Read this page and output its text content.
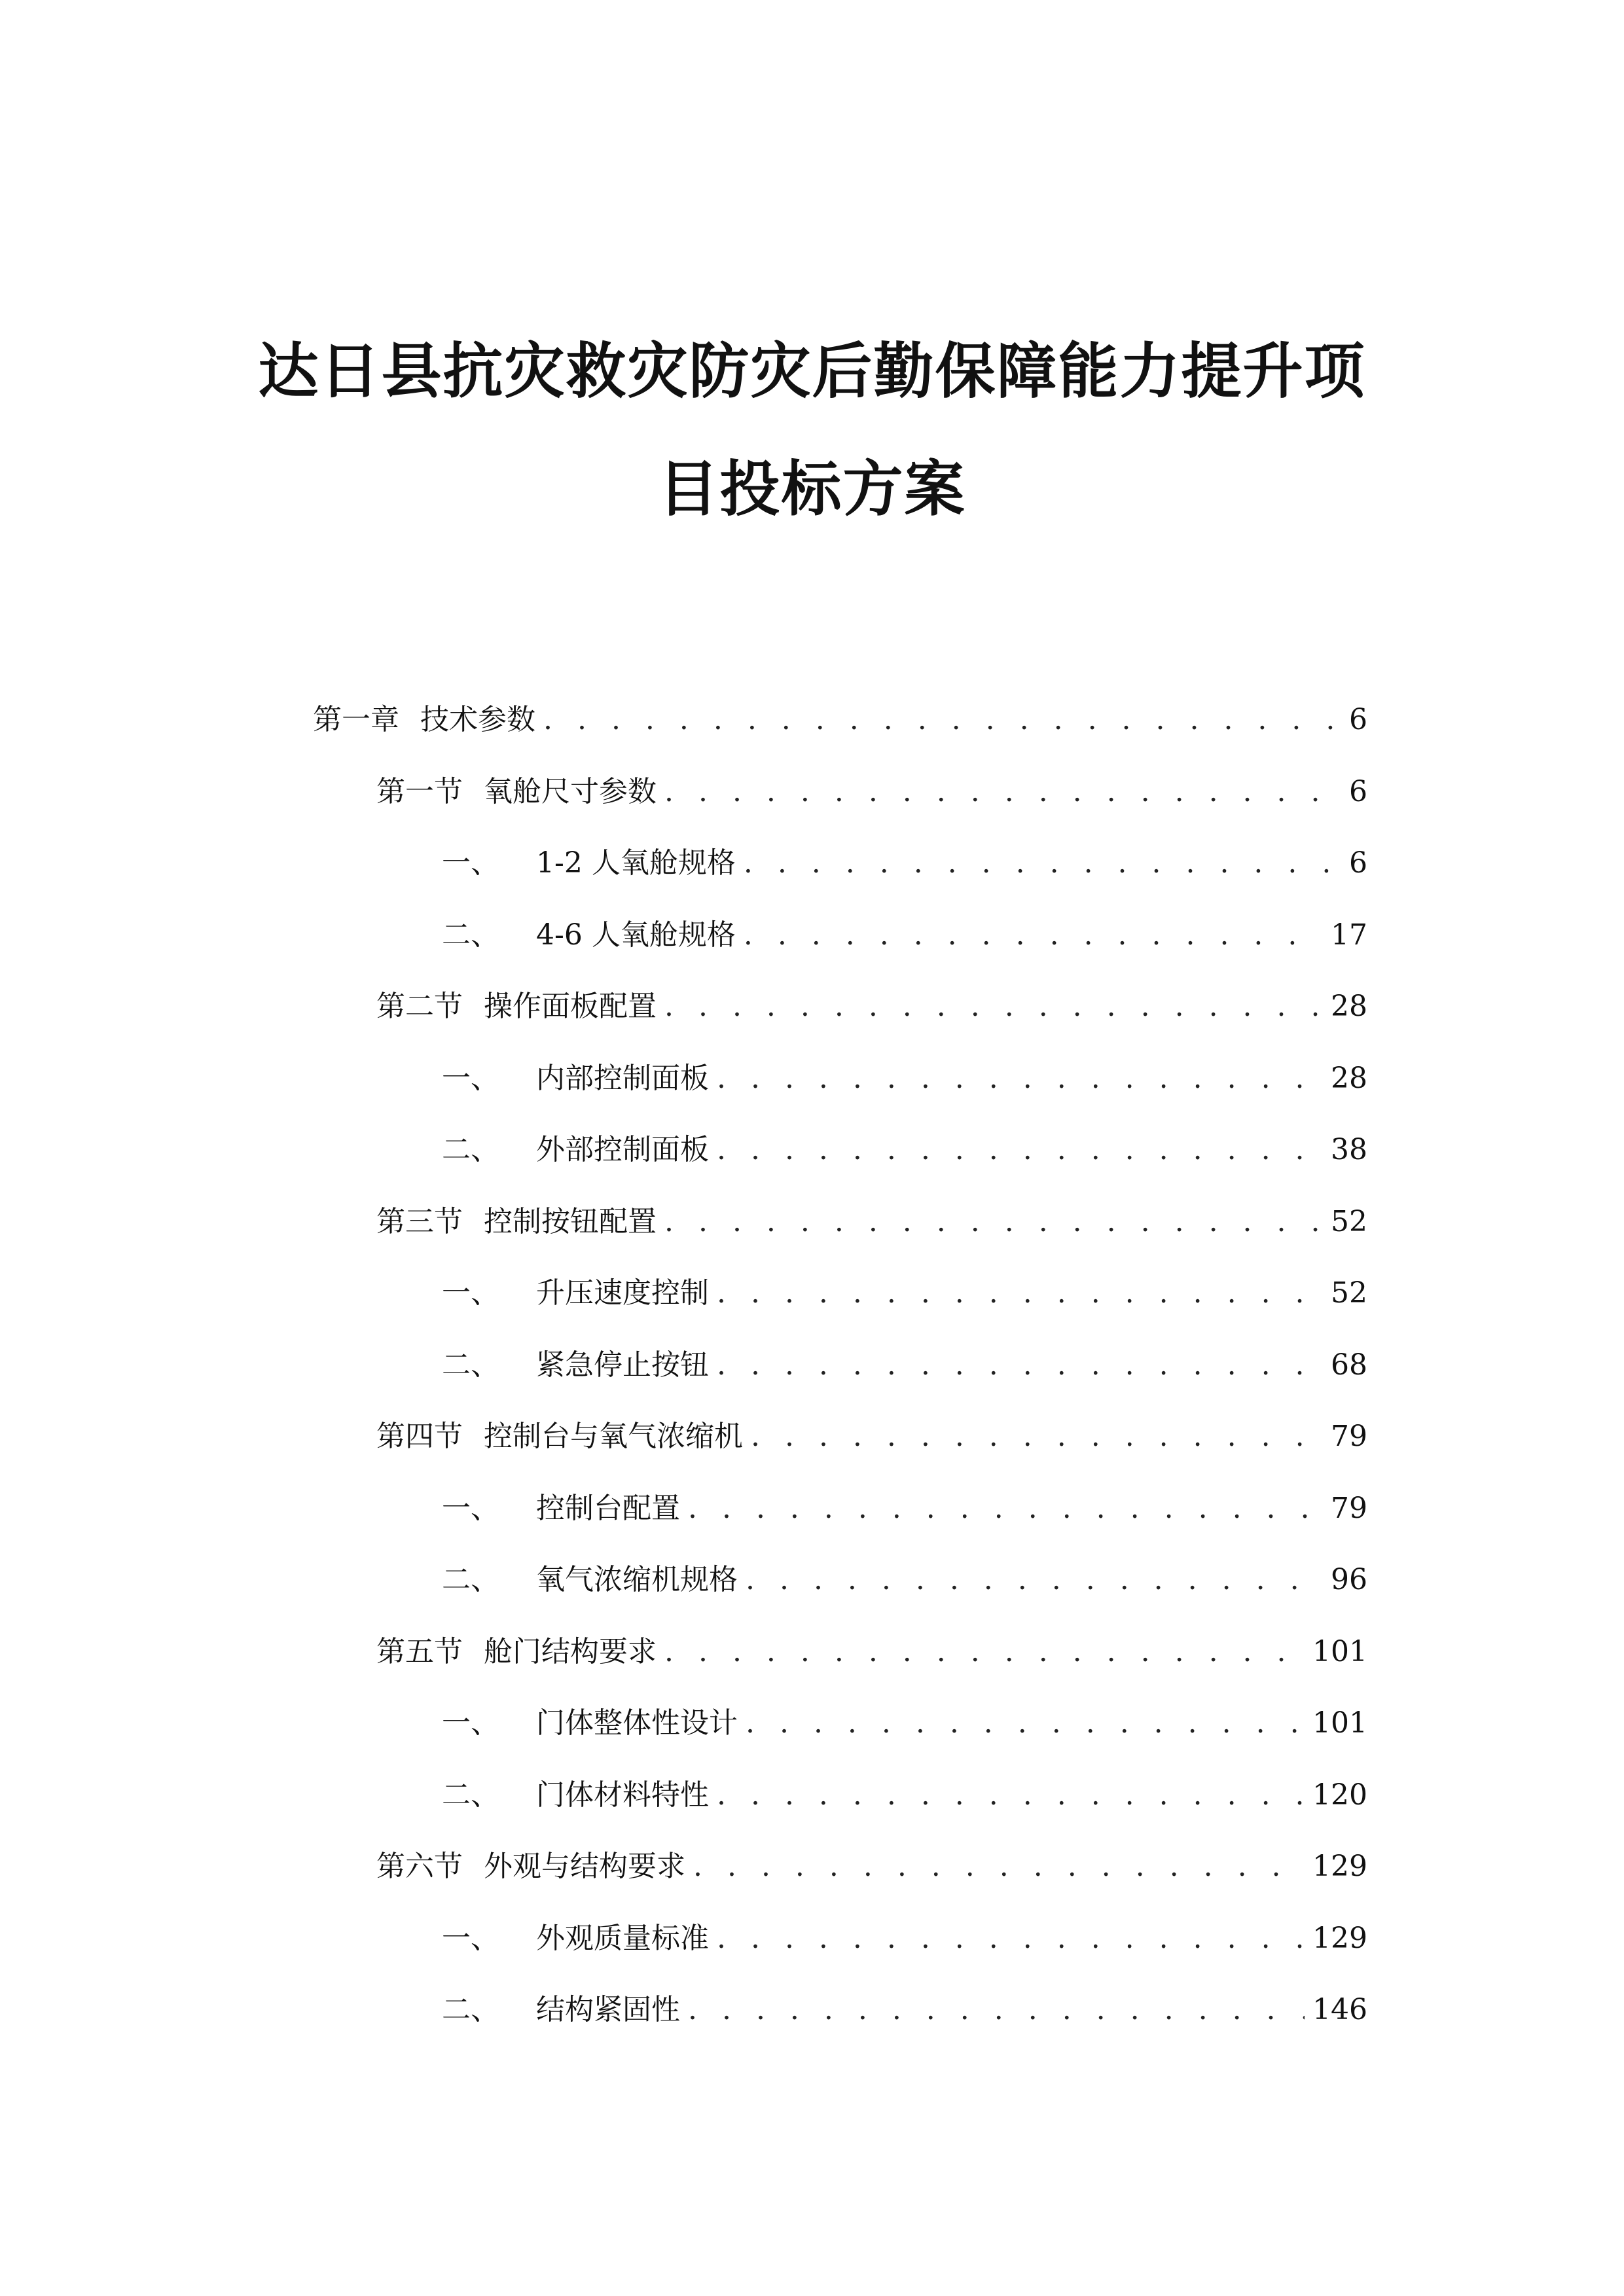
达日县抗灾救灾防灾后勤保障能力提升项
目投标方案
第一章 技术参数 . . .	6
第一节 氧舱尺寸参数 . . .	6
一、 1-2 人氧舱规格 . . .	6
二、 4-6 人氧舱规格 . . .	17
第二节 操作面板配置 . . .	28
一、 内部控制面板 . . .	28
二、 外部控制面板 . . .	38
第三节 控制按钮配置 . . .	52
一、 升压速度控制 . . .	52
二、 紧急停止按钮 . . .	68
第四节 控制台与氧气浓缩机 . . .	79
一、 控制台配置 . . .	79
二、 氧气浓缩机规格 . . .	96
第五节 舱门结构要求 . . .	101
一、 门体整体性设计 . . .	101
二、 门体材料特性 . . .	120
第六节 外观与结构要求 . . .	129
一、 外观质量标准 . . .	129
二、 结构紧固性 . . .	146
